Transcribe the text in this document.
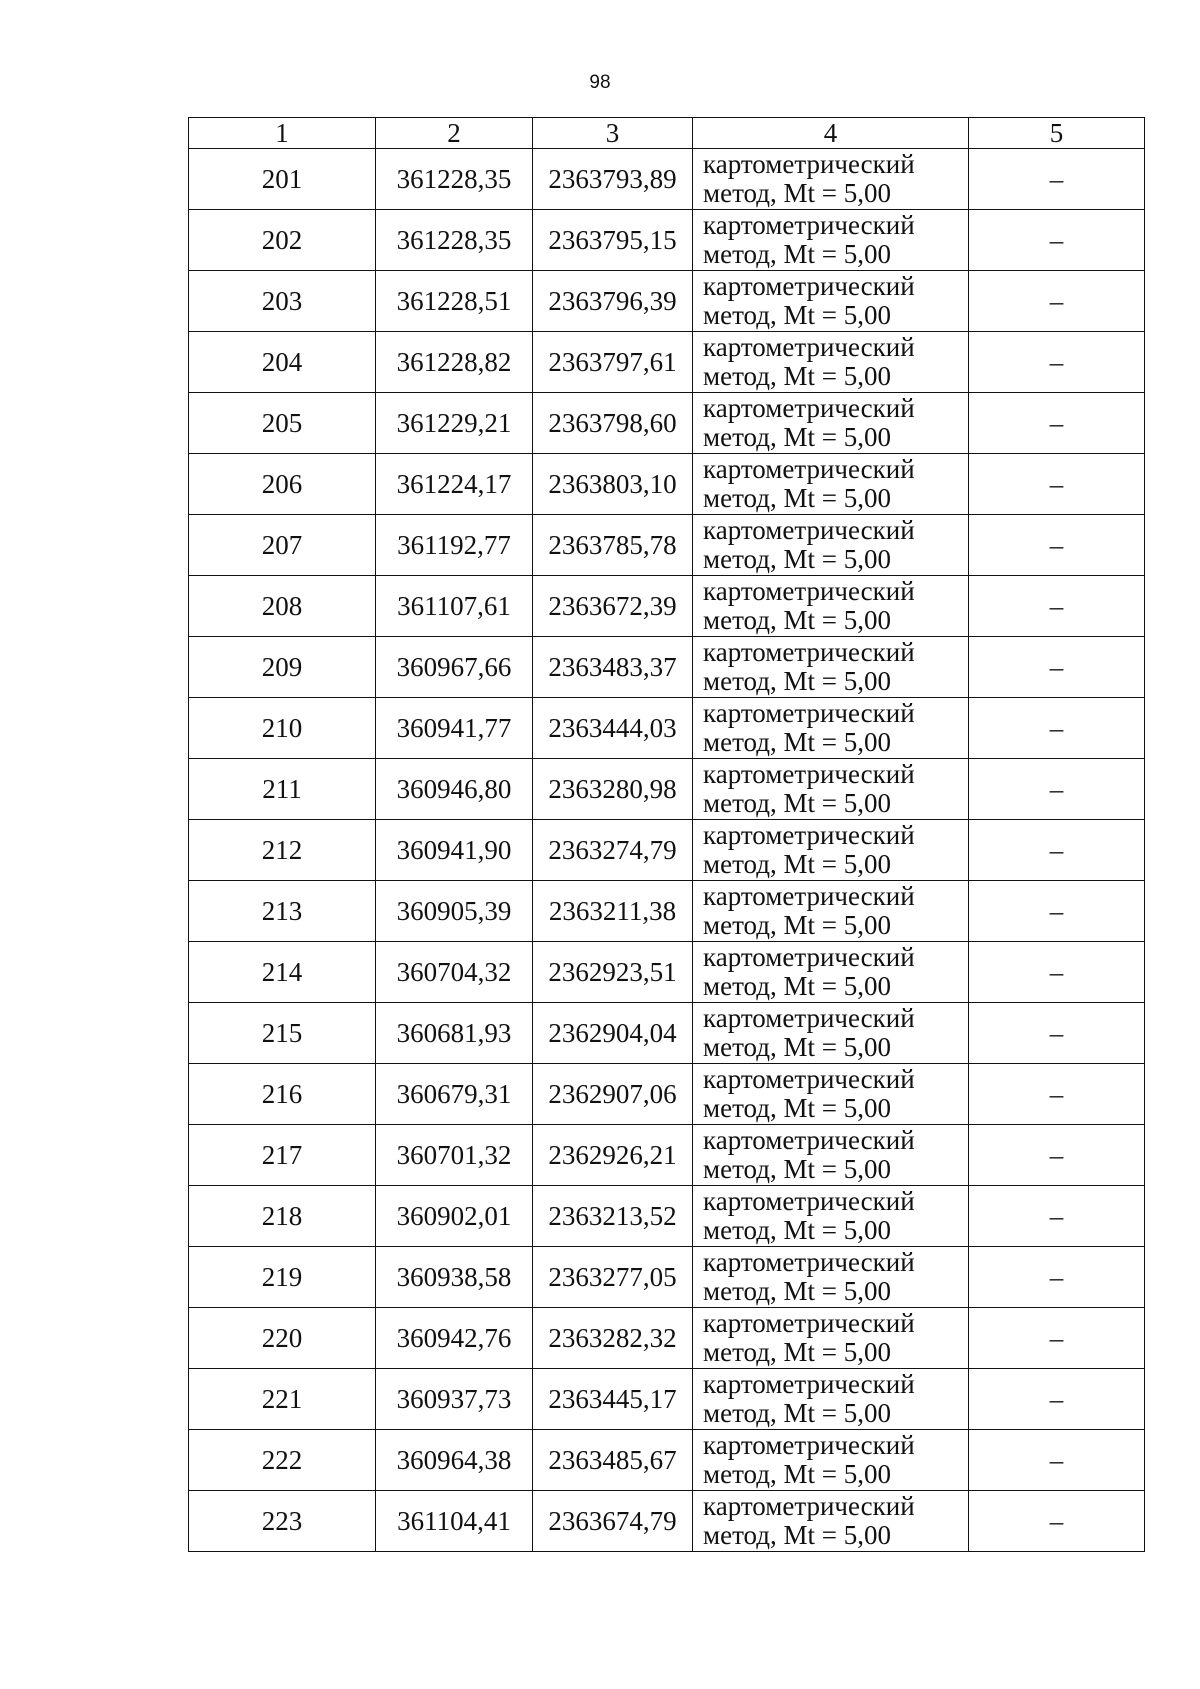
98
1	2	3	4	5
201	361228,35	2363793,89	картометрический
метод, Mt = 5,00	–
202	361228,35	2363795,15	картометрический
метод, Mt = 5,00	–
203	361228,51	2363796,39	картометрический
метод, Mt = 5,00	–
204	361228,82	2363797,61	картометрический
метод, Mt = 5,00	–
205	361229,21	2363798,60	картометрический
метод, Mt = 5,00	–
206	361224,17	2363803,10	картометрический
метод, Mt = 5,00	–
207	361192,77	2363785,78	картометрический
метод, Mt = 5,00	–
208	361107,61	2363672,39	картометрический
метод, Mt = 5,00	–
209	360967,66	2363483,37	картометрический
метод, Mt = 5,00	–
210	360941,77	2363444,03	картометрический
метод, Mt = 5,00	–
211	360946,80	2363280,98	картометрический
метод, Mt = 5,00	–
212	360941,90	2363274,79	картометрический
метод, Mt = 5,00	–
213	360905,39	2363211,38	картометрический
метод, Mt = 5,00	–
214	360704,32	2362923,51	картометрический
метод, Mt = 5,00	–
215	360681,93	2362904,04	картометрический
метод, Mt = 5,00	–
216	360679,31	2362907,06	картометрический
метод, Mt = 5,00	–
217	360701,32	2362926,21	картометрический
метод, Mt = 5,00	–
218	360902,01	2363213,52	картометрический
метод, Mt = 5,00	–
219	360938,58	2363277,05	картометрический
метод, Mt = 5,00	–
220	360942,76	2363282,32	картометрический
метод, Mt = 5,00	–
221	360937,73	2363445,17	картометрический
метод, Mt = 5,00	–
222	360964,38	2363485,67	картометрический
метод, Mt = 5,00	–
223	361104,41	2363674,79	картометрический
метод, Mt = 5,00	–
